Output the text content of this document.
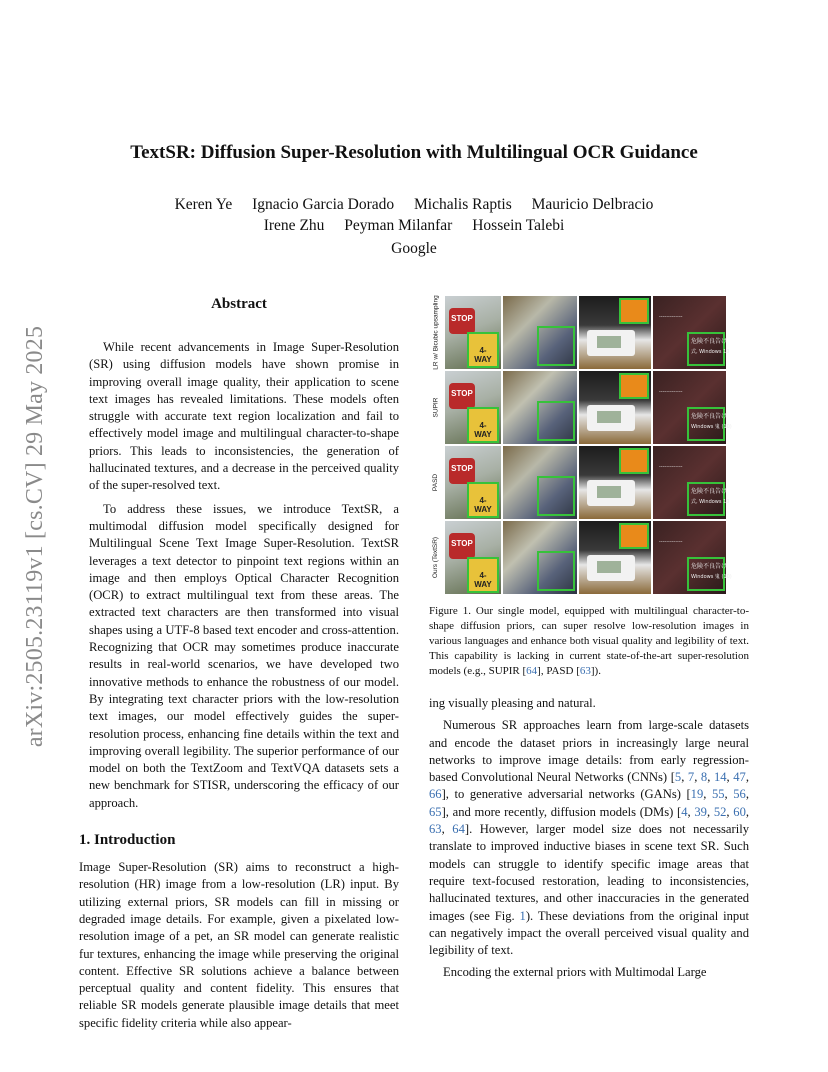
arXiv:2505.23119v1 [cs.CV] 29 May 2025
TextSR: Diffusion Super-Resolution with Multilingual OCR Guidance
Keren Ye Ignacio Garcia Dorado Michalis Raptis Mauricio Delbracio
Irene Zhu Peyman Milanfar Hossein Talebi
Google
Abstract

While recent advancements in Image Super-Resolution (SR) using diffusion models have shown promise in improving overall image quality, their application to scene text images has revealed limitations. These models often struggle with accurate text region localization and fail to effectively model image and multilingual character-to-shape priors. This leads to inconsistencies, the generation of hallucinated textures, and a decrease in the perceived quality of the super-resolved text.

To address these issues, we introduce TextSR, a multimodal diffusion model specifically designed for Multilingual Scene Text Image Super-Resolution. TextSR leverages a text detector to pinpoint text regions within an image and then employs Optical Character Recognition (OCR) to extract multilingual text from these areas. The extracted text characters are then transformed into visual shapes using a UTF-8 based text encoder and cross-attention. Recognizing that OCR may sometimes produce inaccurate results in real-world scenarios, we have developed two innovative methods to enhance the robustness of our model. By integrating text character priors with the low-resolution text images, our model effectively guides the super-resolution process, enhancing fine details within the text and improving overall legibility. The superior performance of our model on both the TextZoom and TextVQA datasets sets a new benchmark for STISR, underscoring the efficacy of our approach.

1. Introduction

Image Super-Resolution (SR) aims to reconstruct a high-resolution (HR) image from a low-resolution (LR) input. By utilizing external priors, SR models can fill in missing or degraded image details. For example, given a pixelated low-resolution image of a pet, an SR model can generate realistic fur textures, enhancing the image while preserving the original content. Effective SR solutions achieve a balance between perceptual quality and content fidelity. This ensures that reliable SR models generate plausible image details that meet specific fidelity criteria while also appear-

LR w/ Bicubic upsampling	STOP
4-WAY
-------------
危険不良告げ
式, Windows 10
SUPIR
STOP
4-WAY
-------------
危険不良告げ
Windows 鬼 (10)
PASD
STOP
4-WAY
-------------
危険不良告げ
式, Windows 10
Ours (TextSR)	STOP
4-WAY
-------------
危険不良告げ
Windows 鬼 (10)
Figure 1. Our single model, equipped with multilingual character-to-shape diffusion priors, can super resolve low-resolution images in various languages and enhance both visual quality and legibility of text. This capability is lacking in current state-of-the-art super-resolution models (e.g., SUPIR [64], PASD [63]).

ing visually pleasing and natural.

Numerous SR approaches learn from large-scale datasets and encode the dataset priors in increasingly large neural networks to improve image details: from early regression-based Convolutional Neural Networks (CNNs) [5, 7, 8, 14, 47, 66], to generative adversarial networks (GANs) [19, 55, 56, 65], and more recently, diffusion models (DMs) [4, 39, 52, 60, 63, 64]. However, larger model size does not necessarily translate to improved inductive biases in scene text SR. Such models can struggle to identify specific image areas that require text-focused restoration, leading to inconsistencies, hallucinated textures, and other inaccuracies in the generated images (see Fig. 1). These deviations from the original input can negatively impact the overall perceived visual quality and legibility of text.

Encoding the external priors with Multimodal Large
